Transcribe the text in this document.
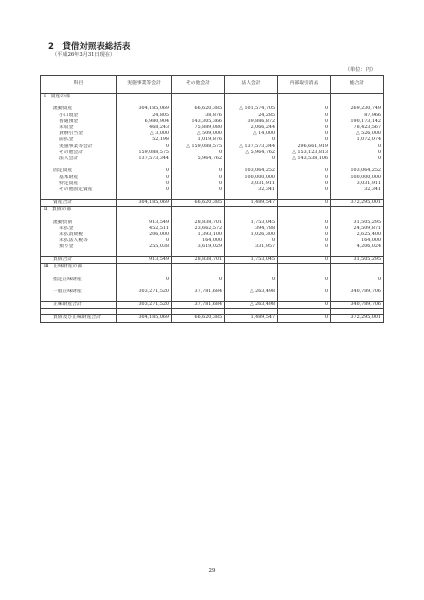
2　貸借対照表総括表
（平成26年3月31日現在）
（単位：円）
科目	実施事業等会計	その他会計	法人会計	内部取引消去	総合計
Ⅰ　資産の部					

流動資産	304,185,069	66,620,385	△ 101,574,705	0	269,230,749
小口現金	24,805	38,876	24,285	0	87,966
普通預金	6,980,904	143,305,366	39,886,872	0	190,173,142
未収金	468,243	75,889,080	2,066,244	0	78,423,567
貸倒引当金	△ 3,000	△ 509,000	△ 14,000	0	△ 526,000
前払金	52,198	1,019,876	0	0	1,072,074
実施事業等会計	0	△ 159,088,575	△ 137,573,344	296,661,919	0
その他会計	159,088,575	0	△ 5,964,762	△ 153,123,813	0
法人会計	137,573,344	5,964,762	0	△ 143,538,106	0

固定資産	0	0	103,064,252	0	103,064,252
基本財産	0	0	100,000,000	0	100,000,000
特定資産	0	0	3,031,911	0	3,031,911
その他固定資産	0	0	32,341	0	32,341

資産合計	304,185,069	66,620,385	1,489,547	0	372,295,001
Ⅱ　負債の部					

流動負債	913,549	28,838,701	1,753,045	0	31,505,295
未払金	452,511	23,662,572	394,788	0	24,509,871
未払消費税	206,000	1,393,100	1,026,300	0	2,625,400
未払法人税等	0	164,000	0	0	164,000
預り金	255,038	3,619,029	331,957	0	4,206,024

負債合計	913,549	28,838,701	1,753,045	0	31,505,295
Ⅲ　正味財産の部					

指定正味財産	0	0	0	0	0

一般正味財産	303,271,520	37,781,684	△ 263,498	0	340,789,706

正味財産合計	303,271,520	37,781,684	△ 263,498	0	340,789,706

負債及び正味財産合計	304,185,069	66,620,385	1,489,547	0	372,295,001
29
